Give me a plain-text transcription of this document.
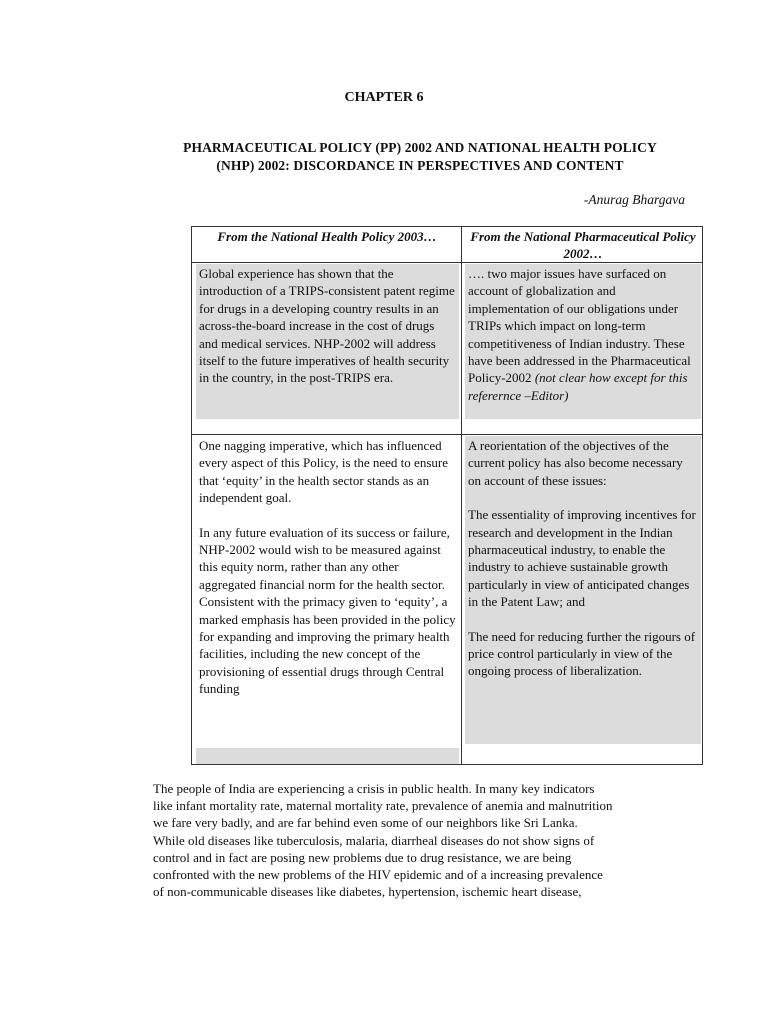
CHAPTER 6
PHARMACEUTICAL POLICY (PP) 2002 AND NATIONAL HEALTH POLICY
(NHP) 2002: DISCORDANCE IN PERSPECTIVES AND CONTENT
-Anurag Bhargava
From the National Health Policy 2003…	From the National Pharmaceutical Policy 2002…

Global experience has shown that the introduction of a TRIPS-consistent patent regime for drugs in a developing country results in an across-the-board increase in the cost of drugs and medical services. NHP-2002 will address itself to the future imperatives of health security in the country, in the post-TRIPS era.

…. two major issues have surfaced on account of globalization and implementation of our obligations under TRIPs which impact on long-term competitiveness of Indian industry. These have been addressed in the Pharmaceutical Policy-2002 (not clear how except for this referernce –Editor)

One nagging imperative, which has influenced every aspect of this Policy, is the need to ensure that ‘equity’ in the health sector stands as an independent goal.

In any future evaluation of its success or failure, NHP-2002 would wish to be measured against this equity norm, rather than any other aggregated financial norm for the health sector. Consistent with the primacy given to ‘equity’, a marked emphasis has been provided in the policy for expanding and improving the primary health facilities, including the new concept of the provisioning of essential drugs through Central funding

A reorientation of the objectives of the current policy has also become necessary on account of these issues:

The essentiality of improving incentives for research and development in the Indian pharmaceutical industry, to enable the industry to achieve sustainable growth particularly in view of anticipated changes in the Patent Law; and

The need for reducing further the rigours of price control particularly in view of the ongoing process of liberalization.

The people of India are experiencing a crisis in public health. In many key indicators
like infant mortality rate, maternal mortality rate, prevalence of anemia and malnutrition
we fare very badly, and are far behind even some of our neighbors like Sri Lanka.
While old diseases like tuberculosis, malaria, diarrheal diseases do not show signs of
control and in fact are posing new problems due to drug resistance, we are being
confronted with the new problems of the HIV epidemic and of a increasing prevalence
of non-communicable diseases like diabetes, hypertension, ischemic heart disease,
